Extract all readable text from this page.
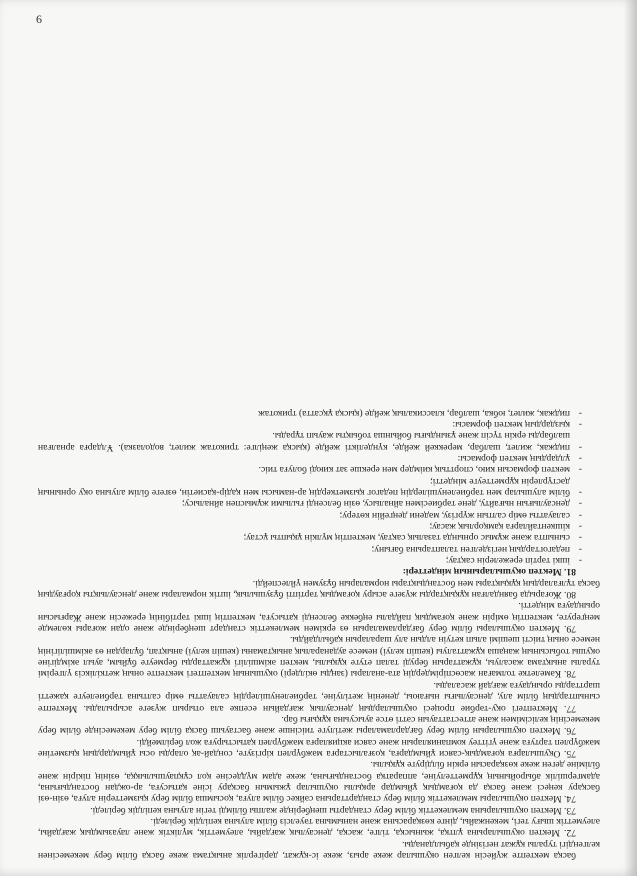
6

басқа мектепте жүйесін келген оқушылар жеке арыз, жеке іс-құжат, дәрігерлік анықтама жеке басқа білім беру мекемесінен келгендігі туралы құжат негізінде қабылданады.

72. Мектеп оқушыларына ұлтқа, жынысқа, тілге, жасқа, денсаулық жағдайы, әлеуметтік, мүліктік және лауазымдық жағдайы, әлеуметтік шығу тегі, мекенжайы, дінге көзқарасына және нанымына тәуелсіз білім алуына кепілдік беріледі.

73. Мектеп оқушыларына мемлекеттік білім беру стандарты шеңберінде жалпы білімді тегін алуына кепілдік беріледі.

74. Мектеп оқушылары мемлекеттік білім беру стандарттарына сәйкес білім алуға, қосымша білім беру қызметтерін алуға, өзін-өзі басқару кеңесі және басқа да қоғамдық ұйымдар арқылы оқушылар ұжымын басқару ісіне қатысуға, ар-ождан бостандығына, адамгершілік абыройының құрметтелуіне, аппаратқа бостандығына, жеке адам мүддесіне қол сұқпаушылыққа, өзінің пікірін және біліміне деген жеке көзқарасын еркін білдіруге құқылы.

75. Оқушыларға қоғамдық-саяси ұйымдарға, қозғалыстарға мәжбүрлеп кіргізуге, сондай-ақ оларды осы ұйымдардың қызметіне мәжбүрлеп тартуға және үгіттеу компанияларын және саяси акцияларға мәжбүрлеп қатыстыруға жол берілмейді.

76. Мектеп оқушыларын білім беру бағдарламалары жетілуге тиісінше және бастауыш басқа білім беру мекемесінде білім беру мекемесінің келісімімен және аттестаттауын сәтті өтсе ауысуына құқығы бар.

77. Мектептегі оқу-тәрбие процесі оқушылардың денсаулық жағдайын есепке ала отырып жүзеге асырылады. Мектепте сыныптардың білім алу, денсаулығы нығаюы, дененің жетілуіне, тәрбиеленушілердің салауатты өмір салтына тәрбиелеуге қажетті шарттарды орындауға жағдай жасалады.

78. Кәмелетке толмаған жасөспірімдердің ата-аналары (заңды өкілдері) оқушының мектептегі мектепте оның жеткіліксіз үлгерімі туралы анықтама жасалуы, құжаттарын беруді талап етуге құқылы, мектеп әкімшілігі құжаттарды бермеуге бұйым, ауыл әкімдігіне оқушы тобысының жаңаша құжатталуы (кешіп келуі) немесе ауданаралық анықтаманы (кешіп келуі) анықтап, бұлардан өз әкімшілігінің немесе оның тиісті шешімі алып кетуін алдын алу шараларын қабылдайды.

79. Мектеп оқушылары білім беру бағдарламаларын өз еркімен мемлекеттік стандарт шеңберінде және одан жоғары көлемде меңгеруге, мектептің өмірін және қоғамдық пайдалы еңбекке белсенді қатысуға, мектептің ішкі тәртібінің ережесін және Жарғысын орындауға міндетті.

80. Жоғарыда баяндалған құқықтарды жүзеге асыру қоғамдық тәртіпті бұзушылық, іштік нормалары және денсаулықты қорғаудың басқа тұлғалардың құқықтары мен бостандықтары нормаларын бұзумен үйлеспейді.

81. Мектеп оқушыларының міндеттері:

-ішкі тәртіп ережелерін сақтау;

-педагогтардың негізделген талаптарына бағыну;

-сыныпта және жұмыс орнында тазалық сақтау, мектептің мүлкін ұқыпты ұстау;

-кішкентайларға қамқорлық жасау;

-салауатты өмір салтын жүргізу, мәдени деңгейін көтеру;

-денсаулығын нығайту, дене тәрбиесімен айналысу, өзін белсенді ғылыми жұмыспен айналысу;

-білім алушылар мен тәрбиеленушілердің педагог қызметкердің ар-намысы мен қадір-қасиетін, өзгеге білім алуына оқу орнының дәстүрлерін құрметтеуге міндетті;

-мектеп формасын кию, спорттық киімдер мен ерекше зат киюді болуға тиіс.

-ұлдардың мектеп формасы:

-пиджак, жилет, шалбар, мереккей жейде, күнделікті жейде (қысқа жеңілге: трикотаж жилет, водолазка). Ұлдарға арналған шалбарды еркін түсіп және ұзындығы бойынша тобықты жауып тұрады.

-қыздардың мектеп формасы:

-пиджак, жилет, юбка, шалбар, классикалық жейде (қысқа ұқсатта) трикотаж
